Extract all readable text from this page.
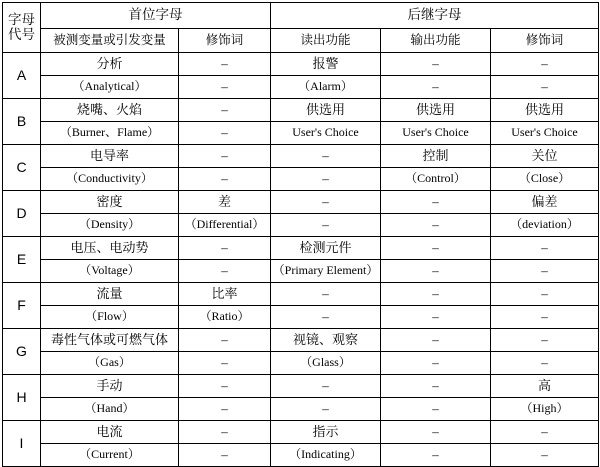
字母
代号	首位字母		后继字母		
	被测变量或引发变量	修饰词	读出功能	输出功能	修饰词
A	分析	–	报警	–	–
	（Analytical）	–	（Alarm）	–	–
B	烧嘴、火焰	–	供选用	供选用	供选用
	（Burner、Flame）	–	User's Choice	User's Choice	User's Choice
C	电导率	–	–	控制	关位
	（Conductivity）	–	–	（Control）	（Close）
D	密度	差	–	–	偏差
	（Density）	（Differential）	–	–	（deviation）
E	电压、电动势	–	检测元件	–	–
	（Voltage）	–	（Primary Element）	–	–
F	流量	比率	–	–	–
	（Flow）	（Ratio）	–	–	–
G	毒性气体或可燃气体	–	视镜、观察	–	–
	（Gas）	–	（Glass）	–	–
H	手动	–	–	–	高
	（Hand）	–	–	–	（High）
I	电流	–	指示	–	–
	（Current）	–	（Indicating）	–	–
